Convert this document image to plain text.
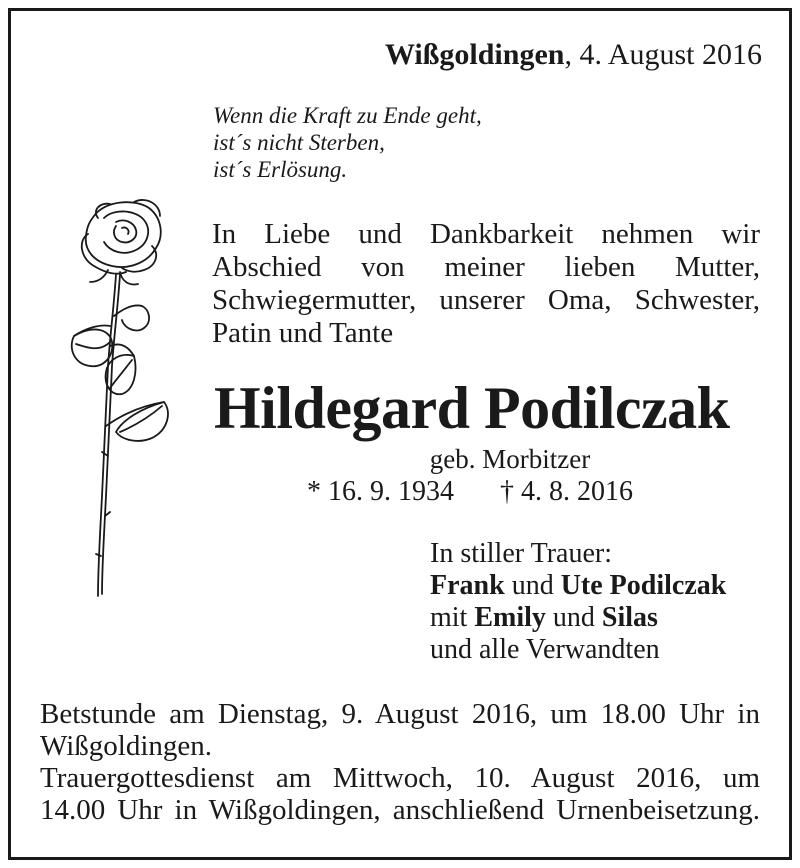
Wißgoldingen, 4. August 2016
Wenn die Kraft zu Ende geht,
ist´s nicht Sterben,
ist´s Erlösung.
In Liebe und Dankbarkeit nehmen wir
Abschied von meiner lieben Mutter,
Schwiegermutter, unserer Oma, Schwester,
Patin und Tante
Hildegard Podilczak
geb. Morbitzer
* 16. 9. 1934 † 4. 8. 2016
In stiller Trauer:
Frank und Ute Podilczak
mit Emily und Silas
und alle Verwandten
Betstunde am Dienstag, 9. August 2016, um 18.00 Uhr in
Wißgoldingen.
Trauergottesdienst am Mittwoch, 10. August 2016, um
14.00 Uhr in Wißgoldingen, anschließend Urnenbeisetzung.
